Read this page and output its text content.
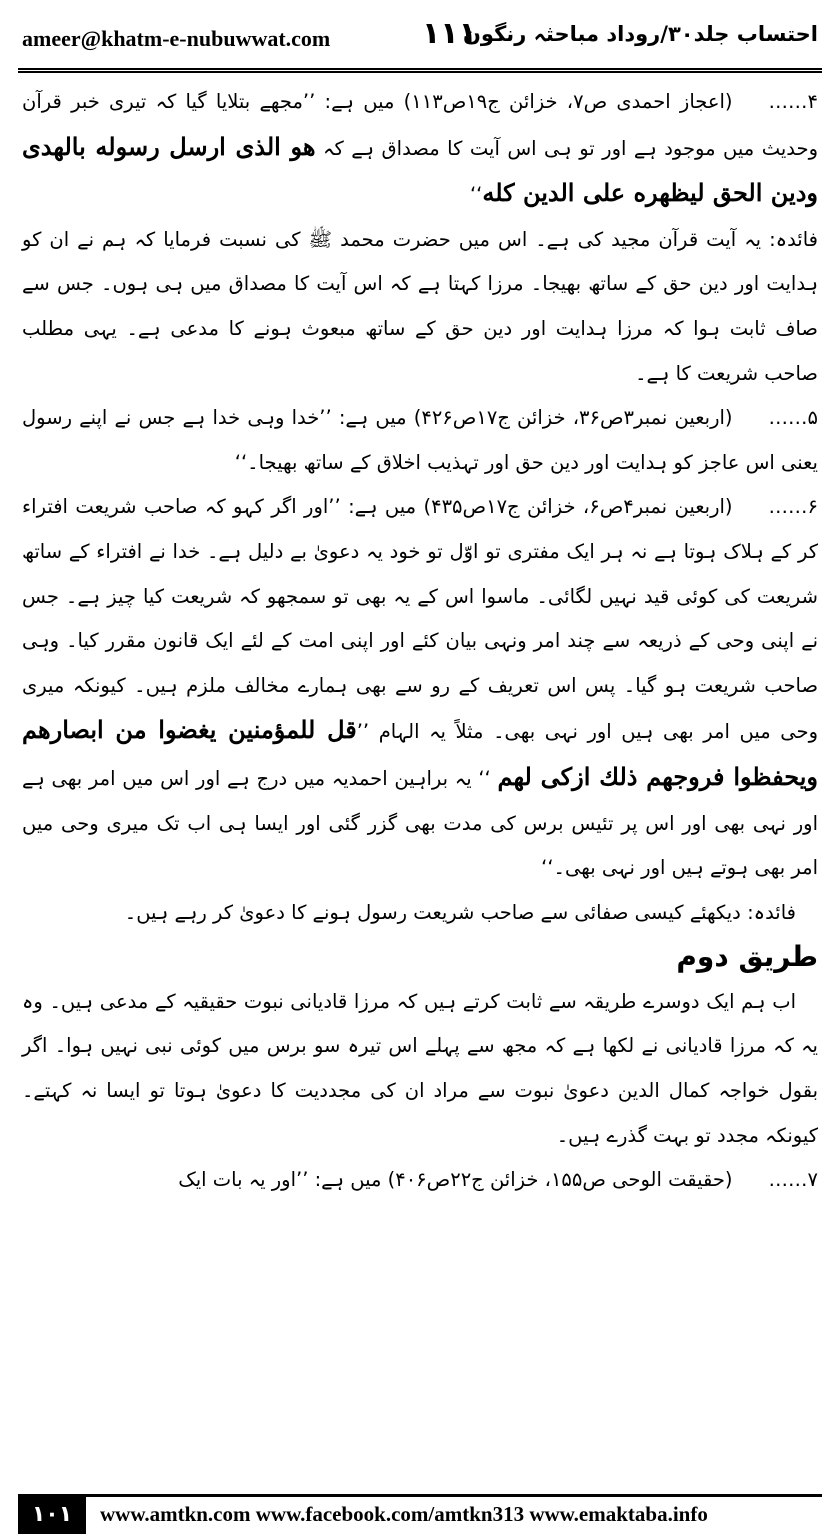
ameer@khatm-e-nubuwwat.com	۱۱۱
احتساب جلد۳۰/روداد مباحثہ رنگون

۴……(اعجاز احمدی ص۷، خزائن ج۱۹ص۱۱۳) میں ہے: ’’مجھے بتلایا گیا کہ تیری خبر قرآن وحدیث میں موجود ہے اور تو ہی اس آیت کا مصداق ہے کہ ھو الذی ارسل رسوله بالھدی ودین الحق لیظھره علی الدین کله‘‘

فائدہ: یہ آیت قرآن مجید کی ہے۔ اس میں حضرت محمد ﷺ کی نسبت فرمایا کہ ہم نے ان کو ہدایت اور دین حق کے ساتھ بھیجا۔ مرزا کہتا ہے کہ اس آیت کا مصداق میں ہی ہوں۔ جس سے صاف ثابت ہوا کہ مرزا ہدایت اور دین حق کے ساتھ مبعوث ہونے کا مدعی ہے۔ یہی مطلب صاحب شریعت کا ہے۔

۵……(اربعین نمبر۳ص۳۶، خزائن ج۱۷ص۴۲۶) میں ہے: ’’خدا وہی خدا ہے جس نے اپنے رسول یعنی اس عاجز کو ہدایت اور دین حق اور تہذیب اخلاق کے ساتھ بھیجا۔‘‘

۶……(اربعین نمبر۴ص۶، خزائن ج۱۷ص۴۳۵) میں ہے: ’’اور اگر کہو کہ صاحب شریعت افتراء کر کے ہلاک ہوتا ہے نہ ہر ایک مفتری تو اوّل تو خود یہ دعویٰ بے دلیل ہے۔ خدا نے افتراء کے ساتھ شریعت کی کوئی قید نہیں لگائی۔ ماسوا اس کے یہ بھی تو سمجھو کہ شریعت کیا چیز ہے۔ جس نے اپنی وحی کے ذریعہ سے چند امر ونہی بیان کئے اور اپنی امت کے لئے ایک قانون مقرر کیا۔ وہی صاحب شریعت ہو گیا۔ پس اس تعریف کے رو سے بھی ہمارے مخالف ملزم ہیں۔ کیونکہ میری وحی میں امر بھی ہیں اور نہی بھی۔ مثلاً یہ الہام ’’قل للمؤمنین یغضوا من ابصارھم ویحفظوا فروجھم ذلك ازکی لھم ‘‘ یہ براہین احمدیہ میں درج ہے اور اس میں امر بھی ہے اور نہی بھی اور اس پر تئیس برس کی مدت بھی گزر گئی اور ایسا ہی اب تک میری وحی میں امر بھی ہوتے ہیں اور نہی بھی۔‘‘

فائدہ: دیکھئے کیسی صفائی سے صاحب شریعت رسول ہونے کا دعویٰ کر رہے ہیں۔

طریق دوم

اب ہم ایک دوسرے طریقہ سے ثابت کرتے ہیں کہ مرزا قادیانی نبوت حقیقیہ کے مدعی ہیں۔ وہ یہ کہ مرزا قادیانی نے لکھا ہے کہ مجھ سے پہلے اس تیرہ سو برس میں کوئی نبی نہیں ہوا۔ اگر بقول خواجہ کمال الدین دعویٰ نبوت سے مراد ان کی مجددیت کا دعویٰ ہوتا تو ایسا نہ کہتے۔ کیونکہ مجدد تو بہت گذرے ہیں۔

۷……(حقیقت الوحی ص۱۵۵، خزائن ج۲۲ص۴۰۶) میں ہے: ’’اور یہ بات ایک

۱۰۱	www.amtkn.com www.facebook.com/amtkn313 www.emaktaba.info
